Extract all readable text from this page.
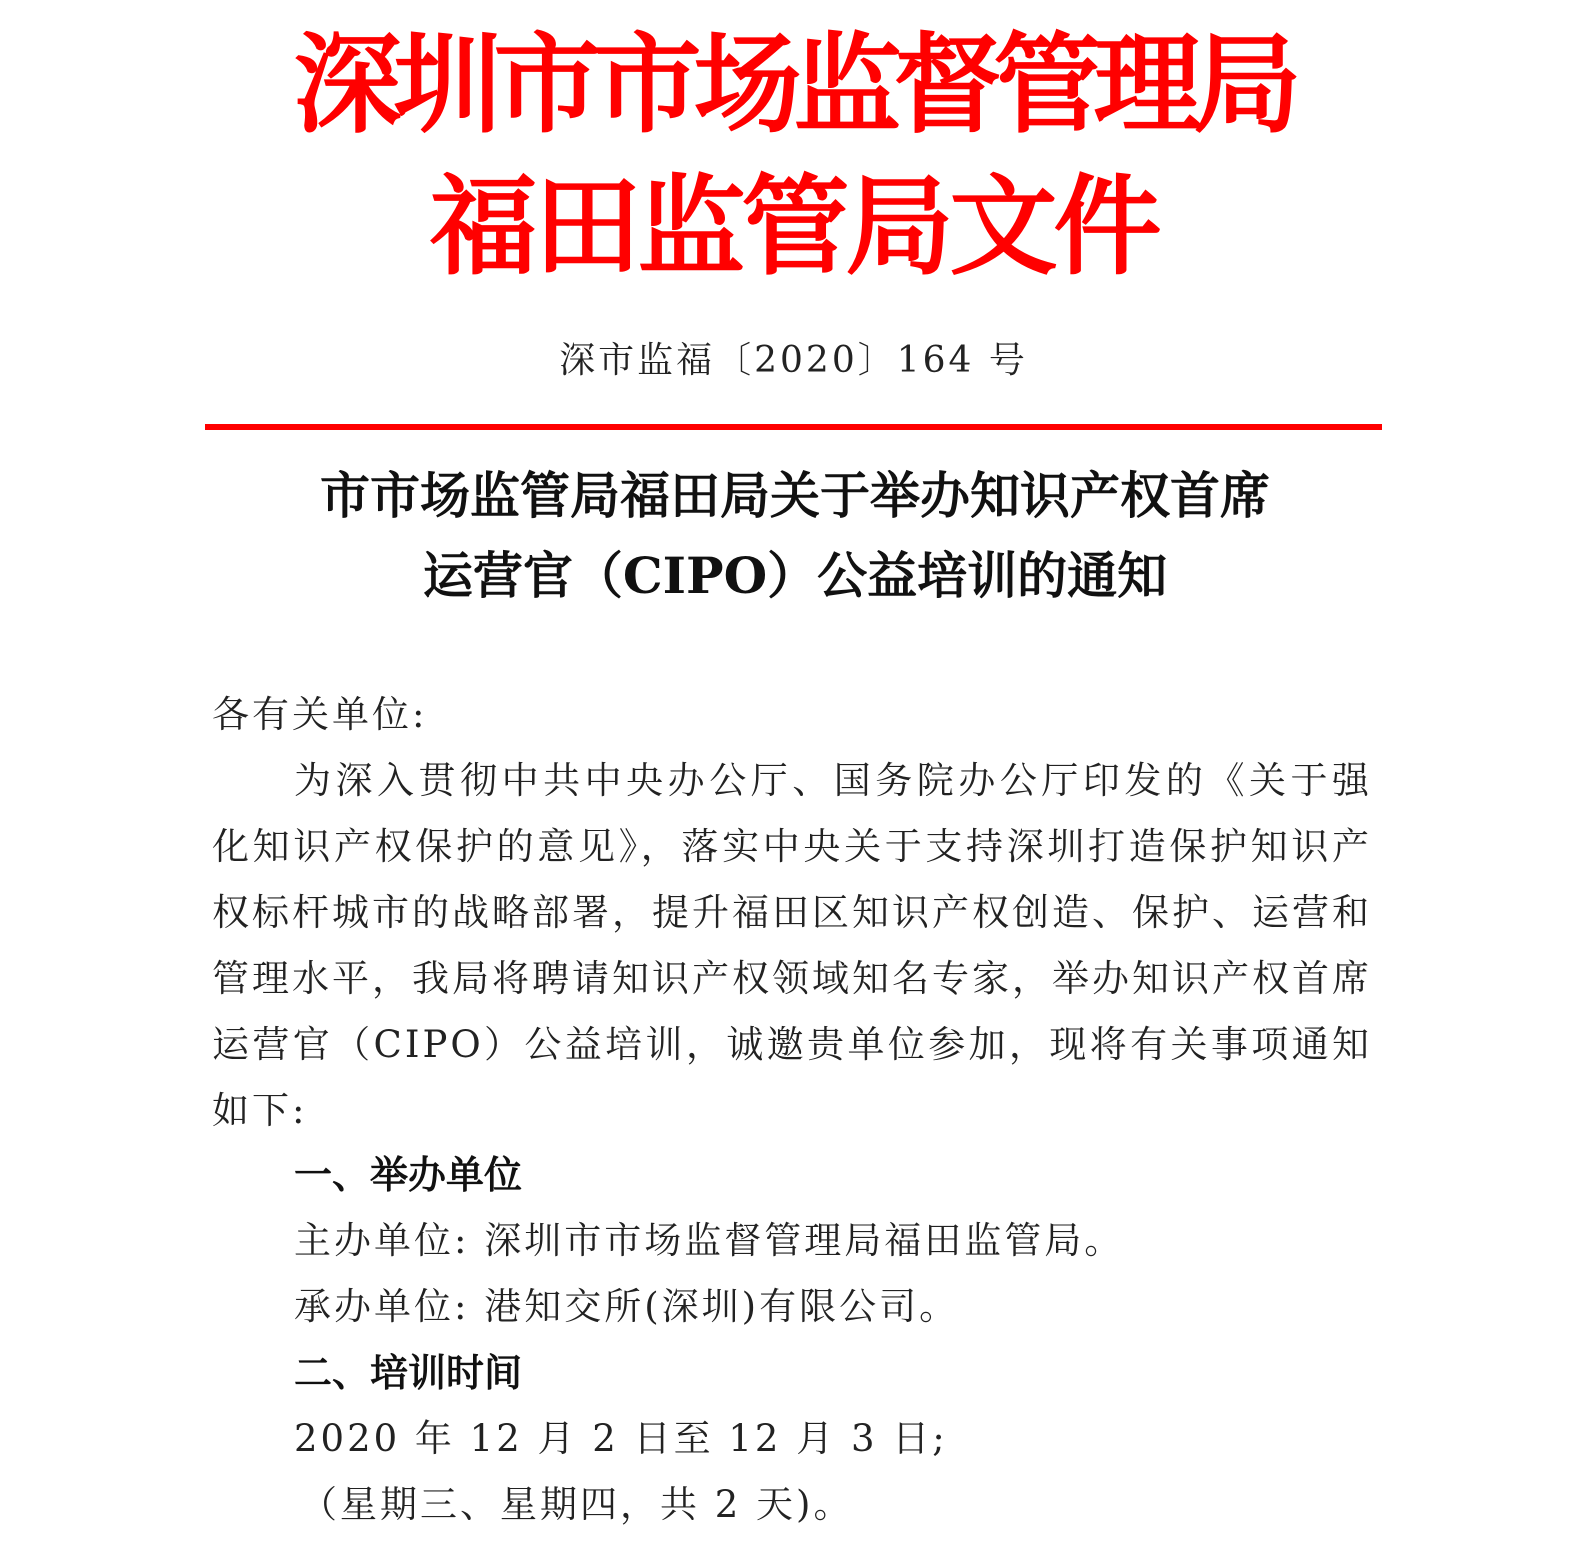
深圳市市场监督管理局
福田监管局文件
深市监福〔2020〕164 号
市市场监管局福田局关于举办知识产权首席
运营官（CIPO）公益培训的通知
各有关单位:
为深入贯彻中共中央办公厅、国务院办公厅印发的《关于强化知识产权保护的意见》，落实中央关于支持深圳打造保护知识产权标杆城市的战略部署，提升福田区知识产权创造、保护、运营和管理水平，我局将聘请知识产权领域知名专家，举办知识产权首席运营官（CIPO）公益培训，诚邀贵单位参加，现将有关事项通知如下:
一、举办单位
主办单位: 深圳市市场监督管理局福田监管局。
承办单位: 港知交所(深圳)有限公司。
二、培训时间
2020 年 12 月 2 日至 12 月 3 日;
（星期三、星期四，共 2 天)。
